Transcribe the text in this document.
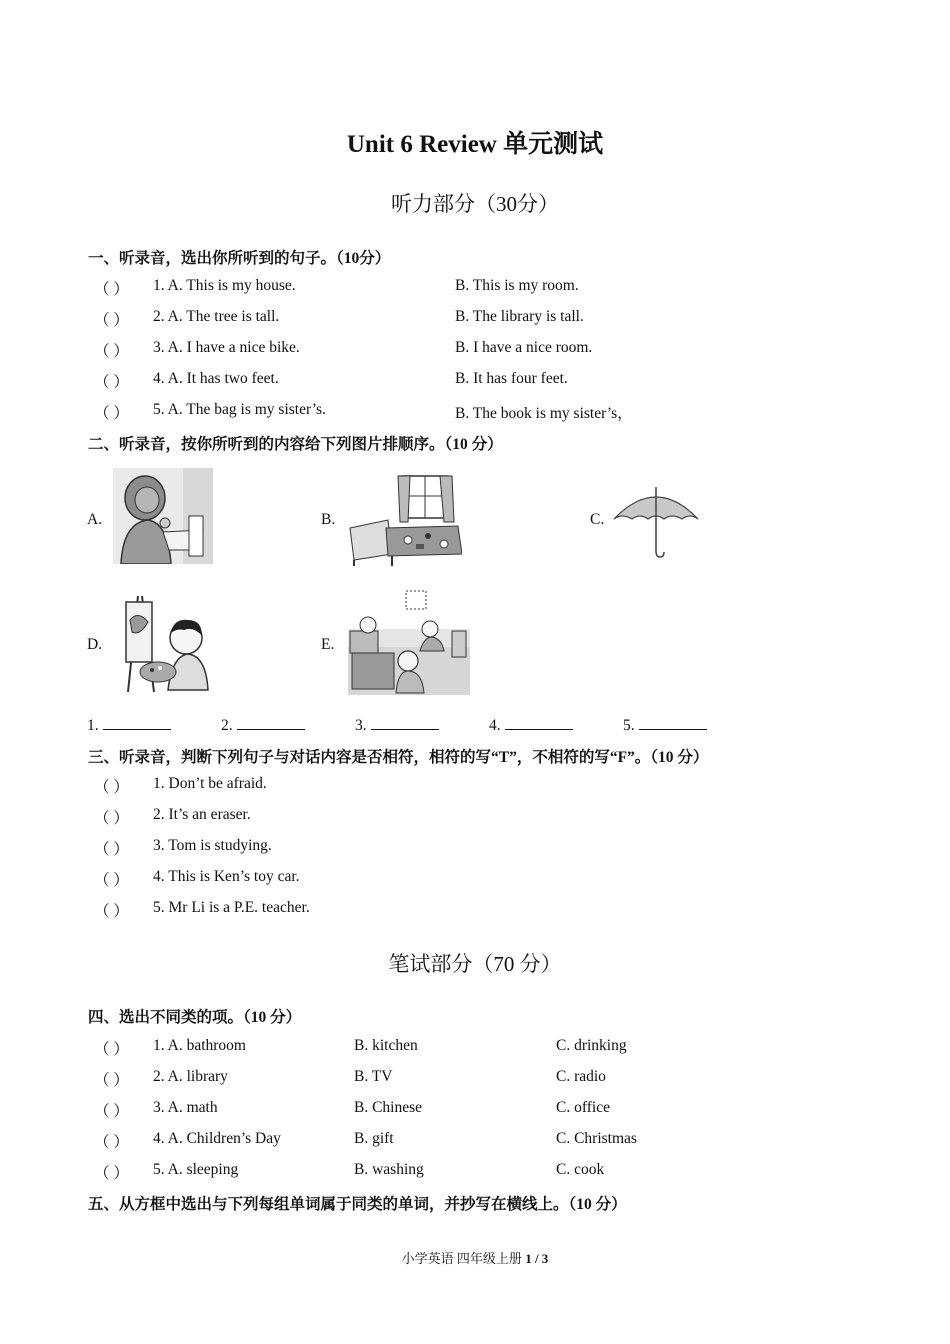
Unit 6 Review 单元测试
听力部分（30分）
一、听录音，选出你所听到的句子。（10分）
（ ） 1. A. This is my house.	B. This is my room.
（ ） 2. A. The tree is tall.	B. The library is tall.
（ ） 3. A. I have a nice bike.	B. I have a nice room.
（ ） 4. A. It has two feet.	B. It has four feet.
（ ） 5. A. The bag is my sister’s.	B. The book is my sister’s，
二、听录音，按你所听到的内容给下列图片排顺序。（10 分）
A.	B.	C.
D.	E.
1.	2.	3.	4.	5.
三、听录音，判断下列句子与对话内容是否相符，相符的写“T”，不相符的写“F”。（10 分）
（ ） 1. Don’t be afraid.
（ ） 2. It’s an eraser.
（ ） 3. Tom is studying.
（ ） 4. This is Ken’s toy car.
（ ） 5. Mr Li is a P.E. teacher.
笔试部分（70 分）
四、选出不同类的项。（10 分）
（ ） 1. A. bathroom	B. kitchen	C. drinking
（ ） 2. A. library	B. TV	C. radio
（ ） 3. A. math	B. Chinese	C. office
（ ） 4. A. Children’s Day	B. gift	C. Christmas
（ ） 5. A. sleeping	B. washing	C. cook
五、从方框中选出与下列每组单词属于同类的单词，并抄写在横线上。（10 分）
小学英语 四年级上册 1 / 3
